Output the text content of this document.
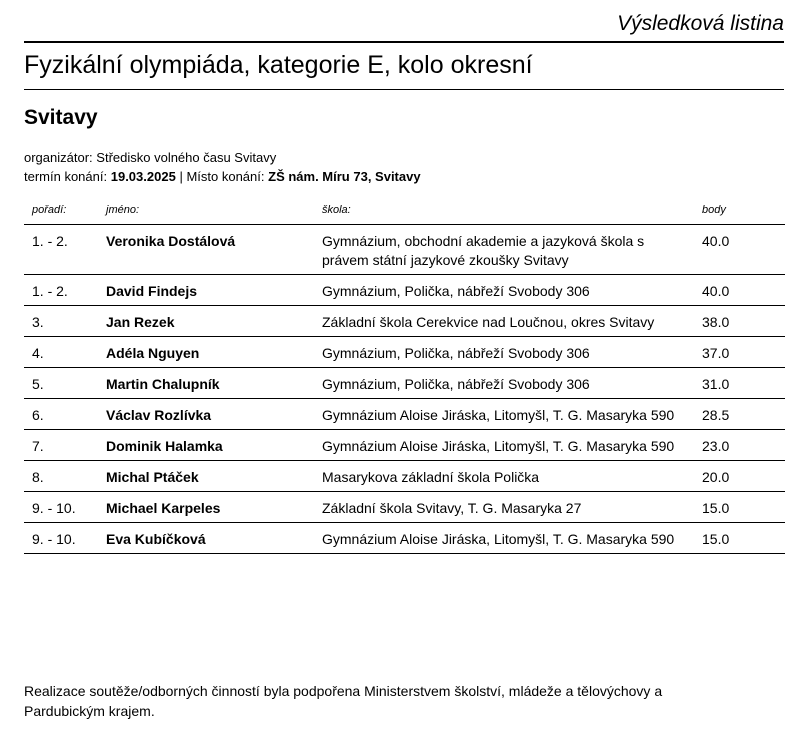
Výsledková listina
Fyzikální olympiáda, kategorie E, kolo okresní
Svitavy
organizátor: Středisko volného času Svitavy
termín konání: 19.03.2025 | Místo konání: ZŠ nám. Míru 73, Svitavy
pořadí:	jméno:	škola:	body
1. - 2.	Veronika Dostálová	Gymnázium, obchodní akademie a jazyková škola s právem státní jazykové zkoušky Svitavy	40.0
1. - 2.	David Findejs	Gymnázium, Polička, nábřeží Svobody 306	40.0
3.	Jan Rezek	Základní škola Cerekvice nad Loučnou, okres Svitavy	38.0
4.	Adéla Nguyen	Gymnázium, Polička, nábřeží Svobody 306	37.0
5.	Martin Chalupník	Gymnázium, Polička, nábřeží Svobody 306	31.0
6.	Václav Rozlívka	Gymnázium Aloise Jiráska, Litomyšl, T. G. Masaryka 590	28.5
7.	Dominik Halamka	Gymnázium Aloise Jiráska, Litomyšl, T. G. Masaryka 590	23.0
8.	Michal Ptáček	Masarykova základní škola Polička	20.0
9. - 10.	Michael Karpeles	Základní škola Svitavy, T. G. Masaryka 27	15.0
9. - 10.	Eva Kubíčková	Gymnázium Aloise Jiráska, Litomyšl, T. G. Masaryka 590	15.0
Realizace soutěže/odborných činností byla podpořena Ministerstvem školství, mládeže a tělovýchovy a Pardubickým krajem.
